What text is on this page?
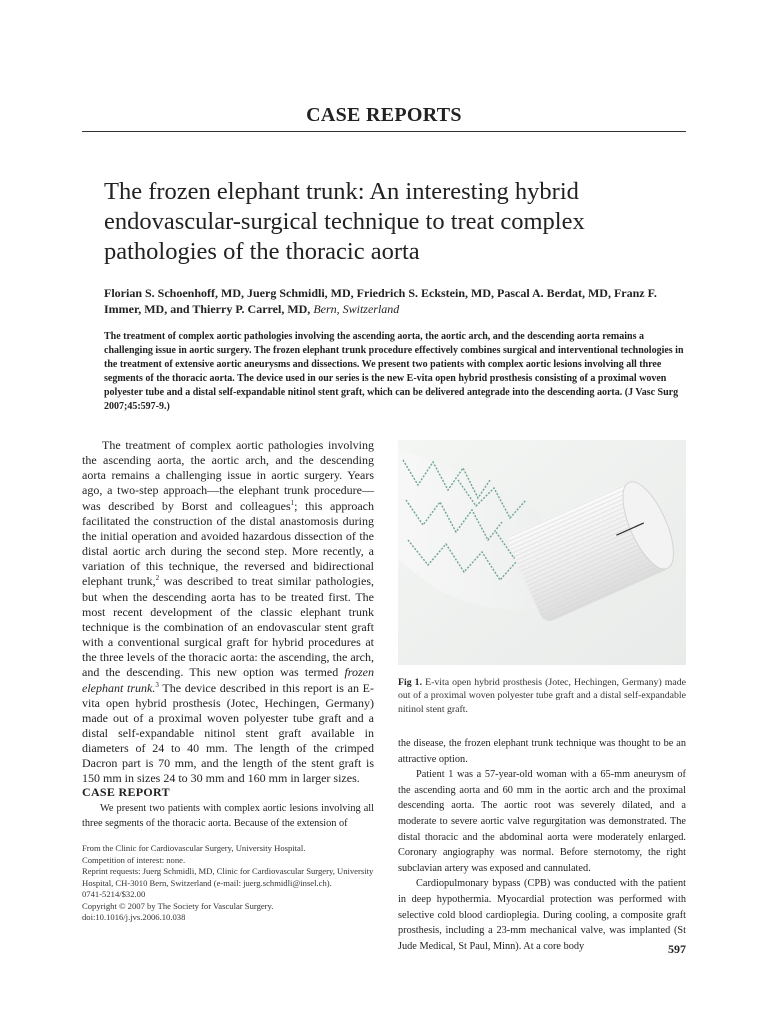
CASE REPORTS
The frozen elephant trunk: An interesting hybrid endovascular-surgical technique to treat complex pathologies of the thoracic aorta
Florian S. Schoenhoff, MD, Juerg Schmidli, MD, Friedrich S. Eckstein, MD, Pascal A. Berdat, MD, Franz F. Immer, MD, and Thierry P. Carrel, MD, Bern, Switzerland
The treatment of complex aortic pathologies involving the ascending aorta, the aortic arch, and the descending aorta remains a challenging issue in aortic surgery. The frozen elephant trunk procedure effectively combines surgical and interventional technologies in the treatment of extensive aortic aneurysms and dissections. We present two patients with complex aortic lesions involving all three segments of the thoracic aorta. The device used in our series is the new E-vita open hybrid prosthesis consisting of a proximal woven polyester tube and a distal self-expandable nitinol stent graft, which can be delivered antegrade into the descending aorta. (J Vasc Surg 2007;45:597-9.)

The treatment of complex aortic pathologies involving the ascending aorta, the aortic arch, and the descending aorta remains a challenging issue in aortic surgery. Years ago, a two-step approach—the elephant trunk procedure—was described by Borst and colleagues$^1$; this approach facilitated the construction of the distal anastomosis during the initial operation and avoided hazardous dissection of the distal aortic arch during the second step. More recently, a variation of this technique, the reversed and bidirectional elephant trunk,$^2$ was described to treat similar pathologies, but when the descending aorta has to be treated first. The most recent development of the classic elephant trunk technique is the combination of an endovascular stent graft with a conventional surgical graft for hybrid procedures at the three levels of the thoracic aorta: the ascending, the arch, and the descending. This new option was termed frozen elephant trunk.$^3$ The device described in this report is an E-vita open hybrid prosthesis (Jotec, Hechingen, Germany) made out of a proximal woven polyester tube graft and a distal self-expandable nitinol stent graft available in diameters of 24 to 40 mm. The length of the crimped Dacron part is 70 mm, and the length of the stent graft is 150 mm in sizes 24 to 30 mm and 160 mm in larger sizes.

CASE REPORT

We present two patients with complex aortic lesions involving all three segments of the thoracic aorta. Because of the extension of

From the Clinic for Cardiovascular Surgery, University Hospital.
Competition of interest: none.
Reprint requests: Juerg Schmidli, MD, Clinic for Cardiovascular Surgery, University Hospital, CH-3010 Bern, Switzerland (e-mail: juerg.schmidli@insel.ch).
0741-5214/$32.00
Copyright © 2007 by The Society for Vascular Surgery.
doi:10.1016/j.jvs.2006.10.038
Fig 1. E-vita open hybrid prosthesis (Jotec, Hechingen, Germany) made out of a proximal woven polyester tube graft and a distal self-expandable nitinol stent graft.

the disease, the frozen elephant trunk technique was thought to be an attractive option.

Patient 1 was a 57-year-old woman with a 65-mm aneurysm of the ascending aorta and 60 mm in the aortic arch and the proximal descending aorta. The aortic root was severely dilated, and a moderate to severe aortic valve regurgitation was demonstrated. The distal thoracic and the abdominal aorta were moderately enlarged. Coronary angiography was normal. Before sternotomy, the right subclavian artery was exposed and cannulated.

Cardiopulmonary bypass (CPB) was conducted with the patient in deep hypothermia. Myocardial protection was performed with selective cold blood cardioplegia. During cooling, a composite graft prosthesis, including a 23-mm mechanical valve, was implanted (St Jude Medical, St Paul, Minn). At a core body	597
